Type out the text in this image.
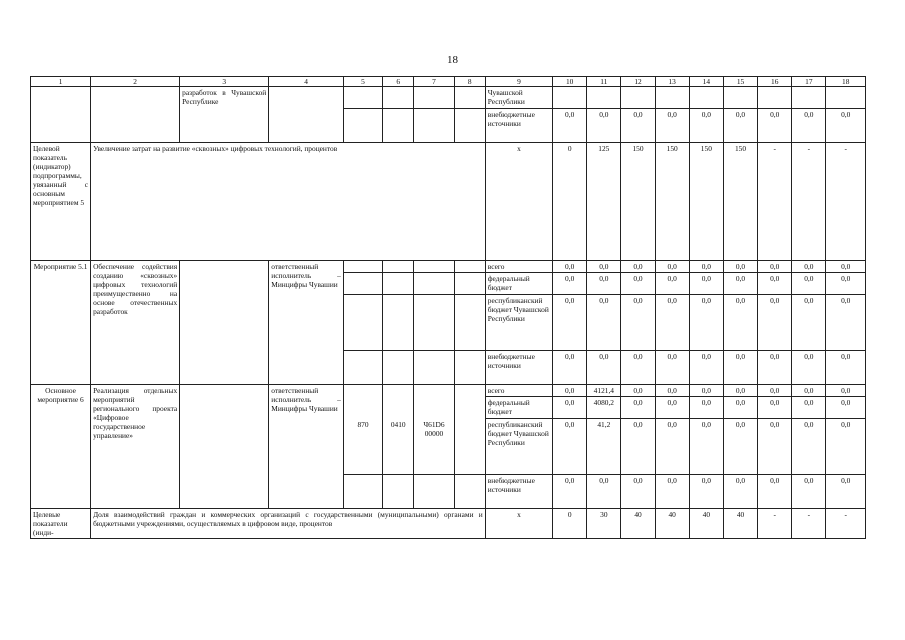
18
1	2	3	4	5	6	7	8	9	10	11	12	13	14	15	16	17	18
		разработок в Чувашской Республике						Чувашской Республики									
								внебюджетные источники	0,0	0,0	0,0	0,0	0,0	0,0	0,0	0,0	0,0
Целевой показатель (индикатор) подпрограммы, увязанный с основным мероприятием 5	Увеличение затрат на развитие «сквозных» цифровых технологий, процентов							x	0	125	150	150	150	150	-	-	-
Мероприятие 5.1	Обеспечение содействия созданию «сквозных» цифровых технологий преимущественно на основе отечественных разработок		ответственный исполнитель – Минцифры Чувашии					всего	0,0	0,0	0,0	0,0	0,0	0,0	0,0	0,0	0,0
								федеральный бюджет	0,0	0,0	0,0	0,0	0,0	0,0	0,0	0,0	0,0
								республиканский бюджет Чувашской Республики	0,0	0,0	0,0	0,0	0,0	0,0	0,0	0,0	0,0
								внебюджетные источники	0,0	0,0	0,0	0,0	0,0	0,0	0,0	0,0	0,0
Основное мероприятие 6	Реализация отдельных мероприятий регионального проекта «Цифровое государственное управление»		ответственный исполнитель – Минцифры Чувашии					всего	0,0	4121,4	0,0	0,0	0,0	0,0	0,0	0,0	0,0
								федеральный бюджет	0,0	4080,2	0,0	0,0	0,0	0,0	0,0	0,0	0,0
				870	0410	Ч61D6 00000		республиканский бюджет Чувашской Республики	0,0	41,2	0,0	0,0	0,0	0,0	0,0	0,0	0,0
								внебюджетные источники	0,0	0,0	0,0	0,0	0,0	0,0	0,0	0,0	0,0
Целевые показатели (инди-	Доля взаимодействий граждан и коммерческих организаций с государственными (муниципальными) органами и бюджетными учреждениями, осуществляемых в цифровом виде, процентов							x	0	30	40	40	40	40	-	-	-
